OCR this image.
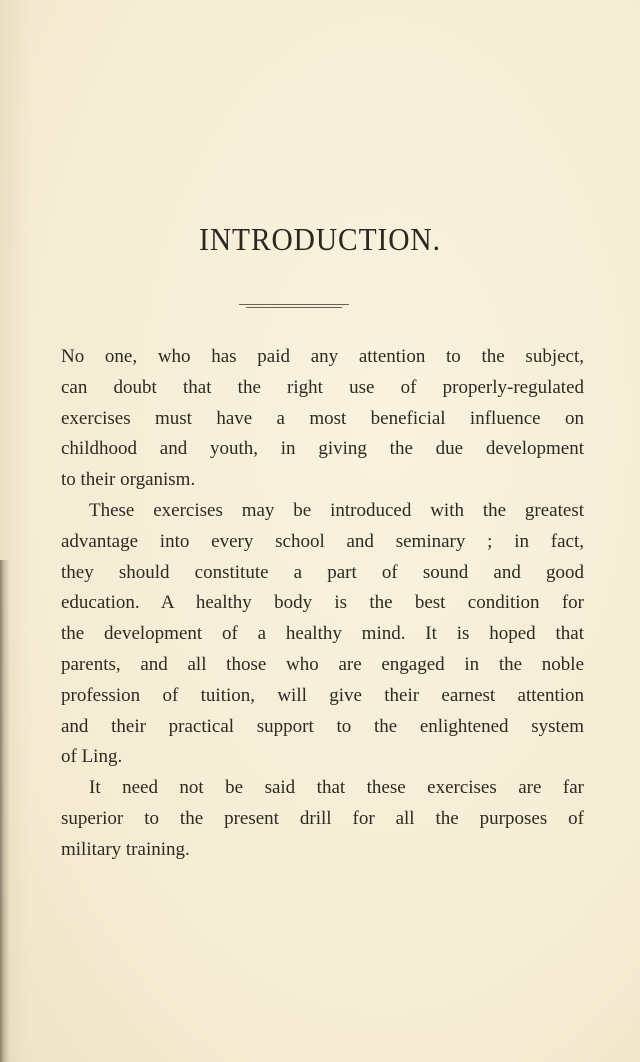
INTRODUCTION.
No one, who has paid any attention to the subject,
can doubt that the right use of properly-regulated
exercises must have a most beneficial influence on
childhood and youth, in giving the due development
to their organism.
These exercises may be introduced with the greatest
advantage into every school and seminary ; in fact,
they should constitute a part of sound and good
education. A healthy body is the best condition for
the development of a healthy mind. It is hoped that
parents, and all those who are engaged in the noble
profession of tuition, will give their earnest attention
and their practical support to the enlightened system
of Ling.
It need not be said that these exercises are far
superior to the present drill for all the purposes of
military training.
